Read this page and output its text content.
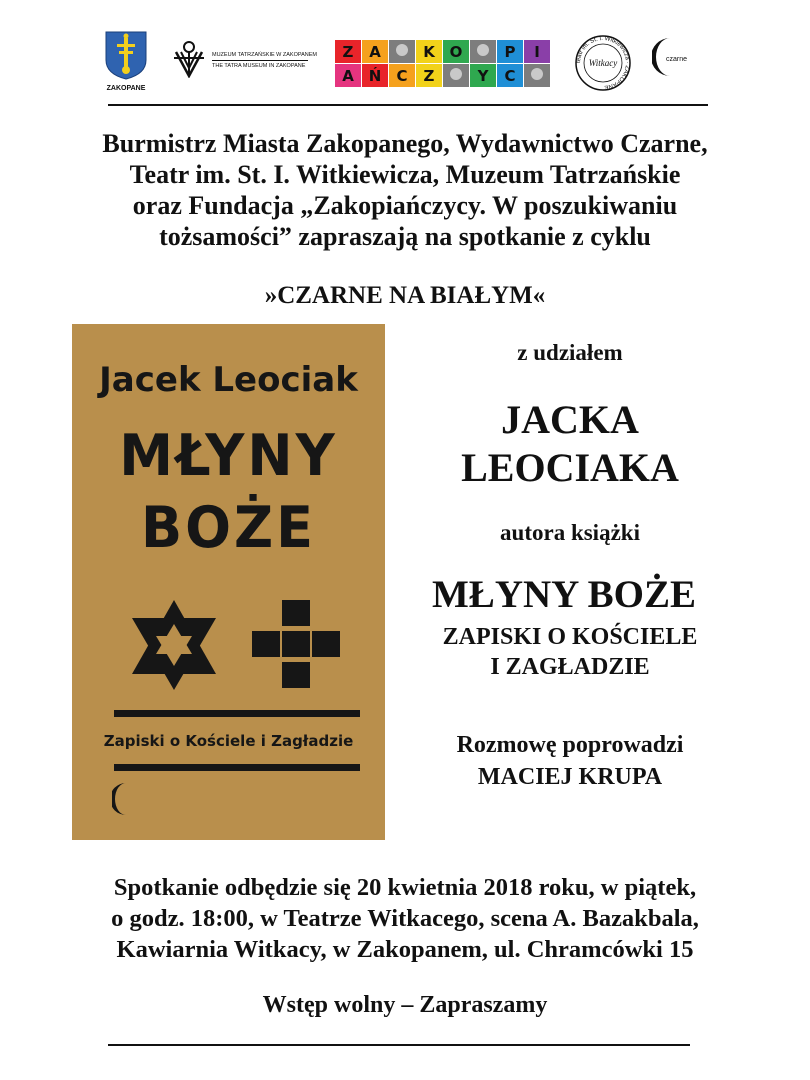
ZAKOPANE
MUZEUM TATRZAŃSKIE W ZAKOPANEM
THE TATRA MUSEUM IN ZAKOPANE
Z A	K O	P I
A Ń C Z	Y C
teatr im. St. I. Witkiewicza · ZAKOPANE
Witkacy	czarne
Burmistrz Miasta Zakopanego, Wydawnictwo Czarne,
Teatr im. St. I. Witkiewicza, Muzeum Tatrzańskie
oraz Fundacja „Zakopiańczycy. W poszukiwaniu
tożsamości” zapraszają na spotkanie z cyklu
»CZARNE NA BIAŁYM«
Jacek Leociak
MŁYNY
BOŻE
Zapiski o Kościele i Zagładzie
z udziałem
JACKA
LEOCIAKA
autora książki
MŁYNY BOŻE
ZAPISKI O KOŚCIELE
I ZAGŁADZIE
Rozmowę poprowadzi
MACIEJ KRUPA
Spotkanie odbędzie się 20 kwietnia 2018 roku, w piątek,
o godz. 18:00, w Teatrze Witkacego, scena A. Bazakbala,
Kawiarnia Witkacy, w Zakopanem, ul. Chramcówki 15
Wstęp wolny – Zapraszamy
